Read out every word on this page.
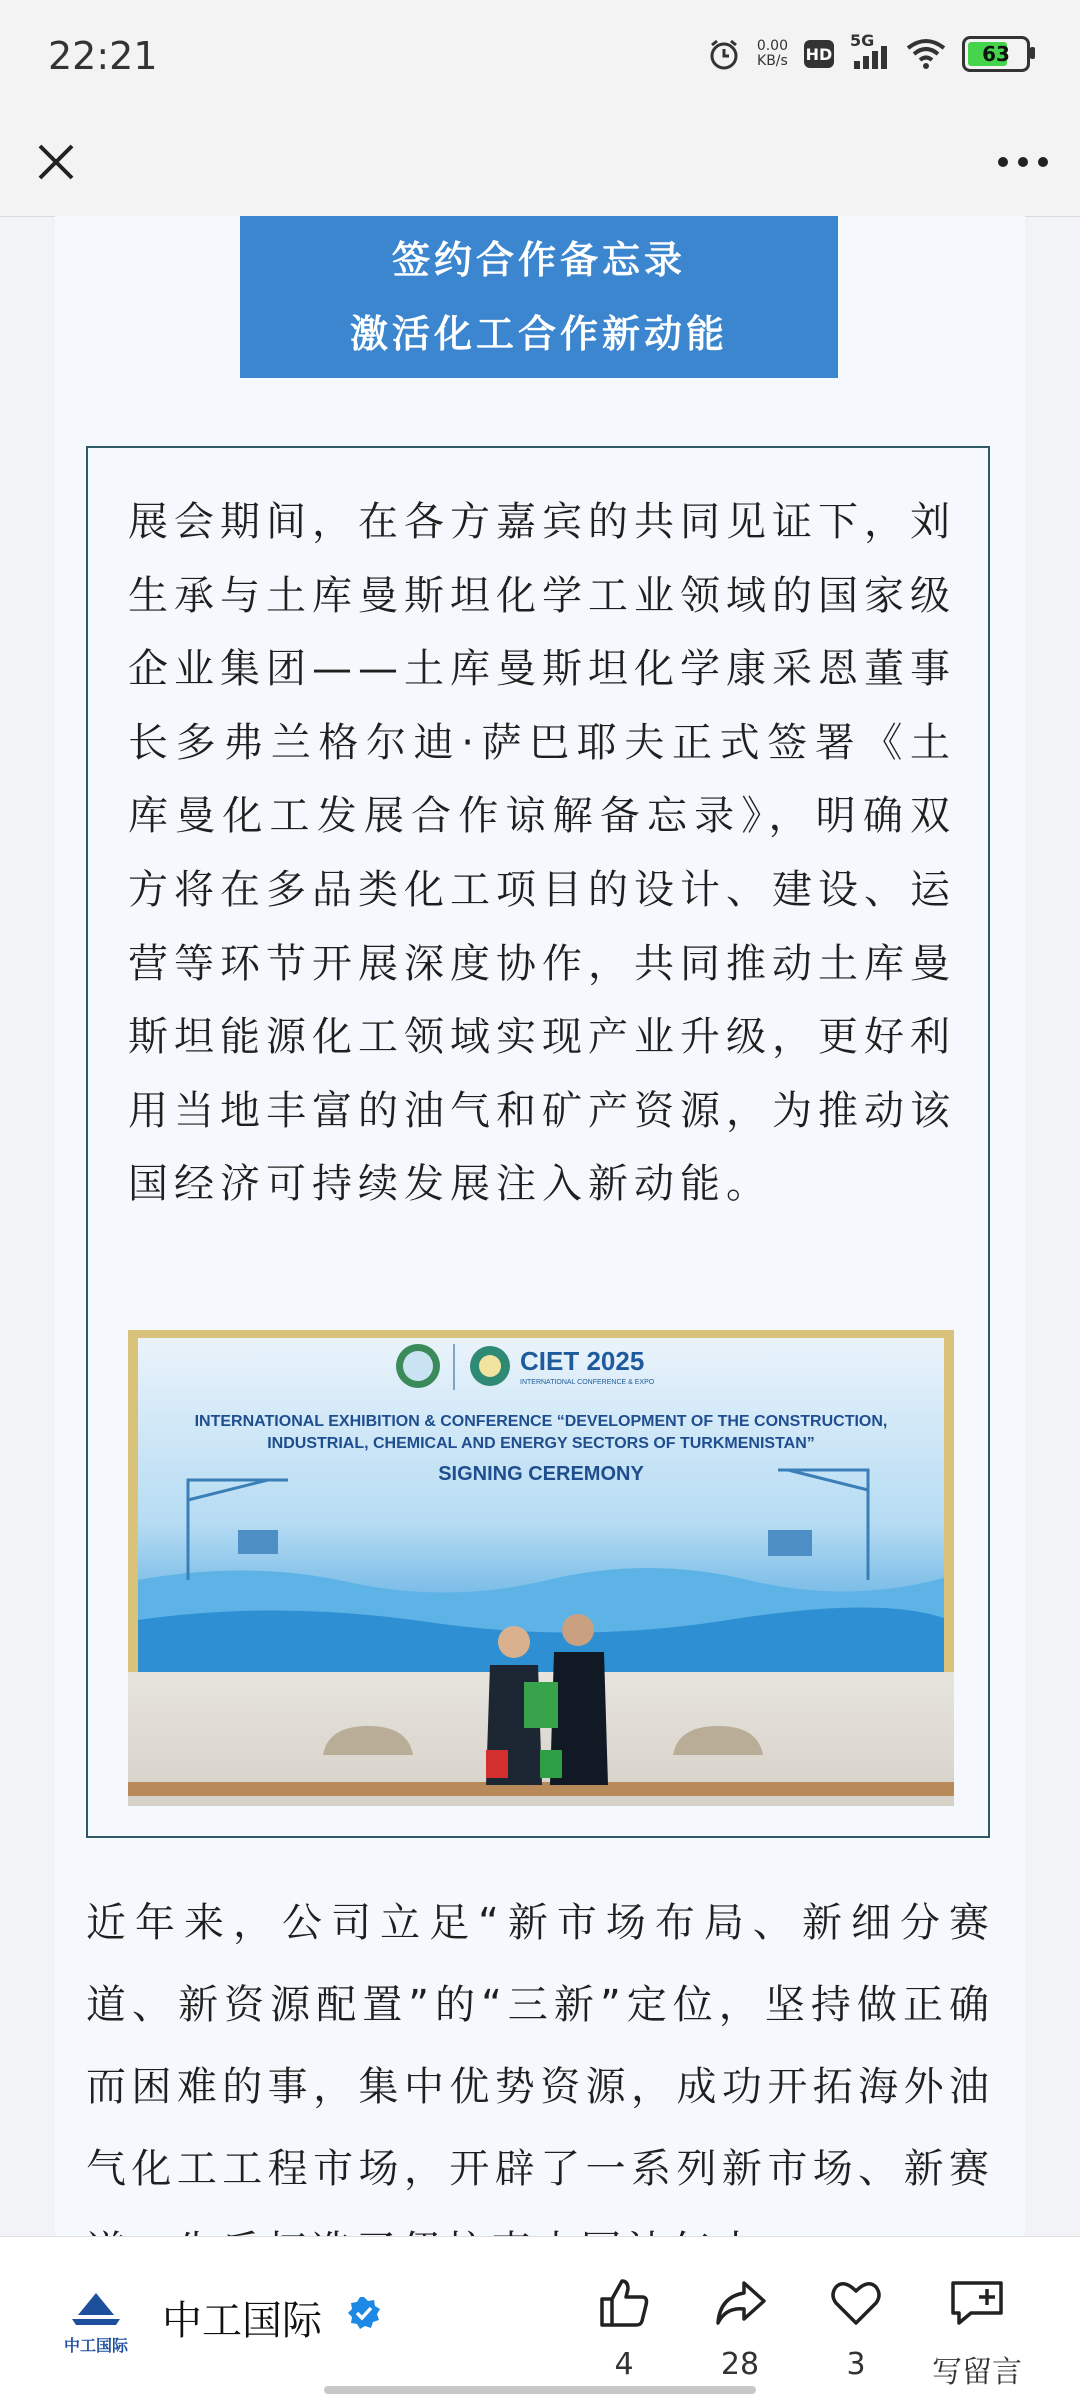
22:21	0.00
KB/s HD
5G
63
签约合作备忘录
激活化工合作新动能
展会期间，在各方嘉宾的共同见证下，刘生承与土库曼斯坦化学工业领域的国家级企业集团——土库曼斯坦化学康采恩董事长多弗兰格尔迪·萨巴耶夫正式签署《土库曼化工发展合作谅解备忘录》，明确双方将在多品类化工项目的设计、建设、运营等环节开展深度协作，共同推动土库曼斯坦能源化工领域实现产业升级，更好利用当地丰富的油气和矿产资源，为推动该国经济可持续发展注入新动能。
CIET 2025
INTERNATIONAL CONFERENCE & EXPO
INTERNATIONAL EXHIBITION & CONFERENCE “DEVELOPMENT OF THE CONSTRUCTION,
INDUSTRIAL, CHEMICAL AND ENERGY SECTORS OF TURKMENISTAN”
SIGNING CEREMONY
近年来，公司立足“新市场布局、新细分赛道、新资源配置”的“三新”定位，坚持做正确而困难的事，集中优势资源，成功开拓海外油气化工工程市场，开辟了一系列新市场、新赛
中工国际
中工国际
4	28	3	写留言
